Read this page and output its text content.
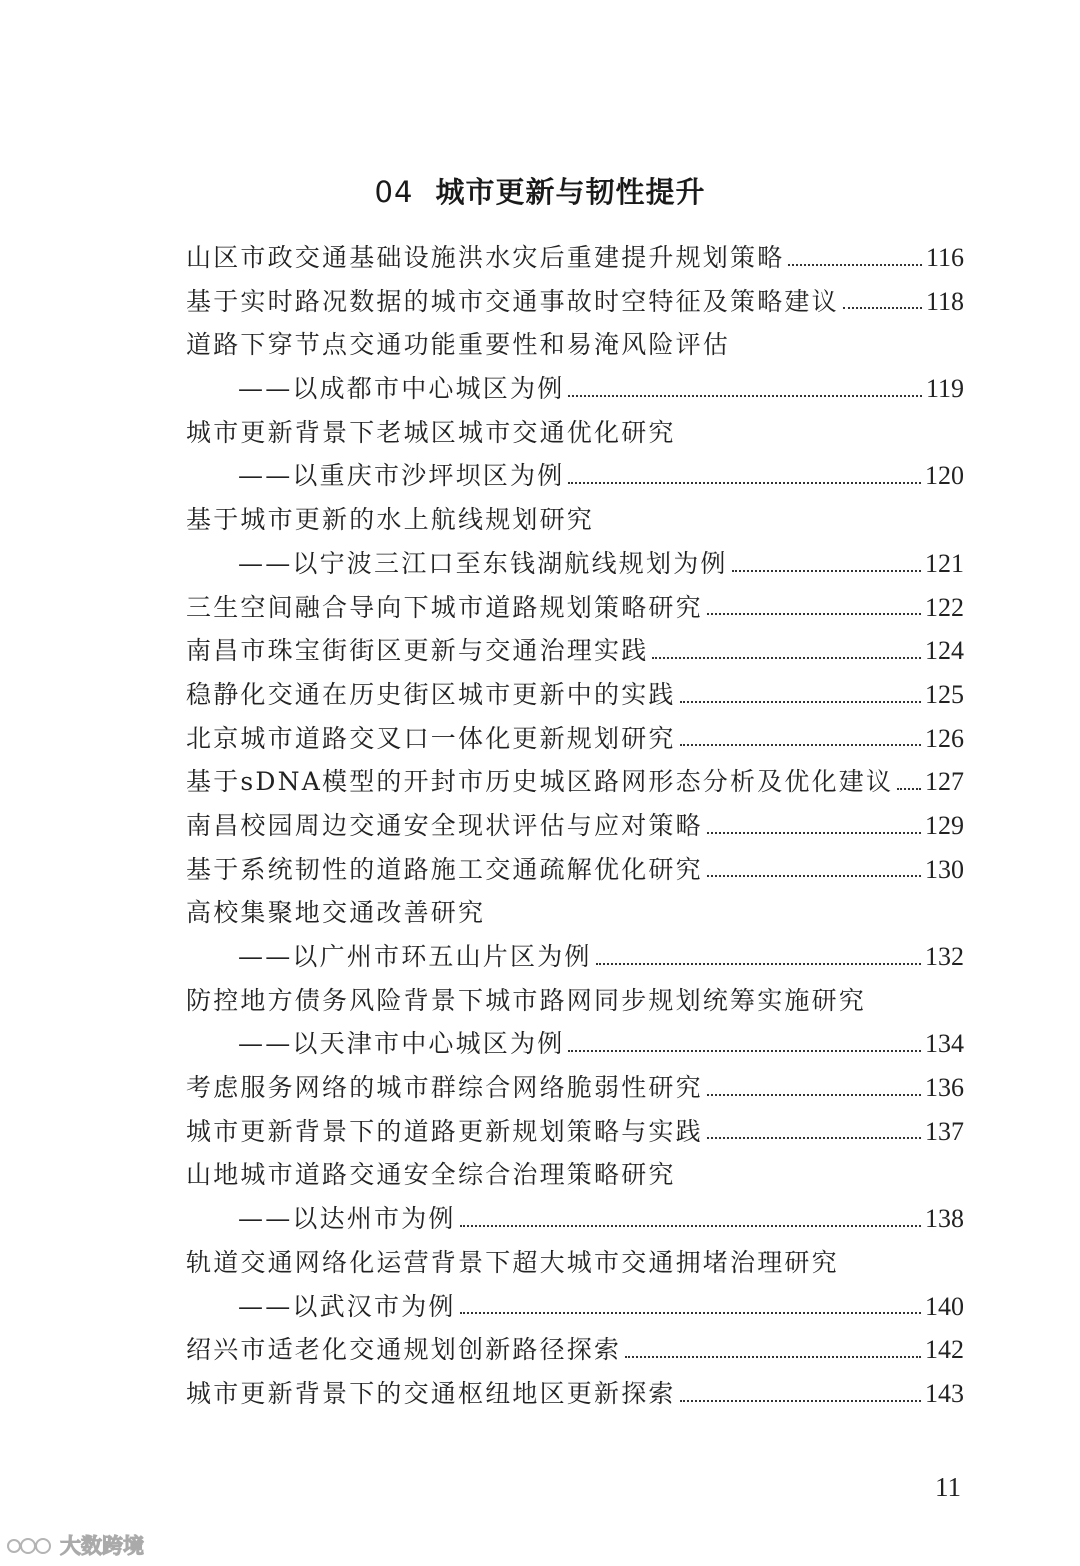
04 城市更新与韧性提升
山区市政交通基础设施洪水灾后重建提升规划策略	116
基于实时路况数据的城市交通事故时空特征及策略建议	118
道路下穿节点交通功能重要性和易淹风险评估
——以成都市中心城区为例	119
城市更新背景下老城区城市交通优化研究
——以重庆市沙坪坝区为例	120
基于城市更新的水上航线规划研究
——以宁波三江口至东钱湖航线规划为例	121
三生空间融合导向下城市道路规划策略研究	122
南昌市珠宝街街区更新与交通治理实践	124
稳静化交通在历史街区城市更新中的实践	125
北京城市道路交叉口一体化更新规划研究	126
基于sDNA模型的开封市历史城区路网形态分析及优化建议 127
南昌校园周边交通安全现状评估与应对策略	129
基于系统韧性的道路施工交通疏解优化研究	130
高校集聚地交通改善研究
——以广州市环五山片区为例	132
防控地方债务风险背景下城市路网同步规划统筹实施研究
——以天津市中心城区为例	134
考虑服务网络的城市群综合网络脆弱性研究	136
城市更新背景下的道路更新规划策略与实践	137
山地城市道路交通安全综合治理策略研究
——以达州市为例	138
轨道交通网络化运营背景下超大城市交通拥堵治理研究
——以武汉市为例	140
绍兴市适老化交通规划创新路径探索	142
城市更新背景下的交通枢纽地区更新探索	143
11
大数跨境
